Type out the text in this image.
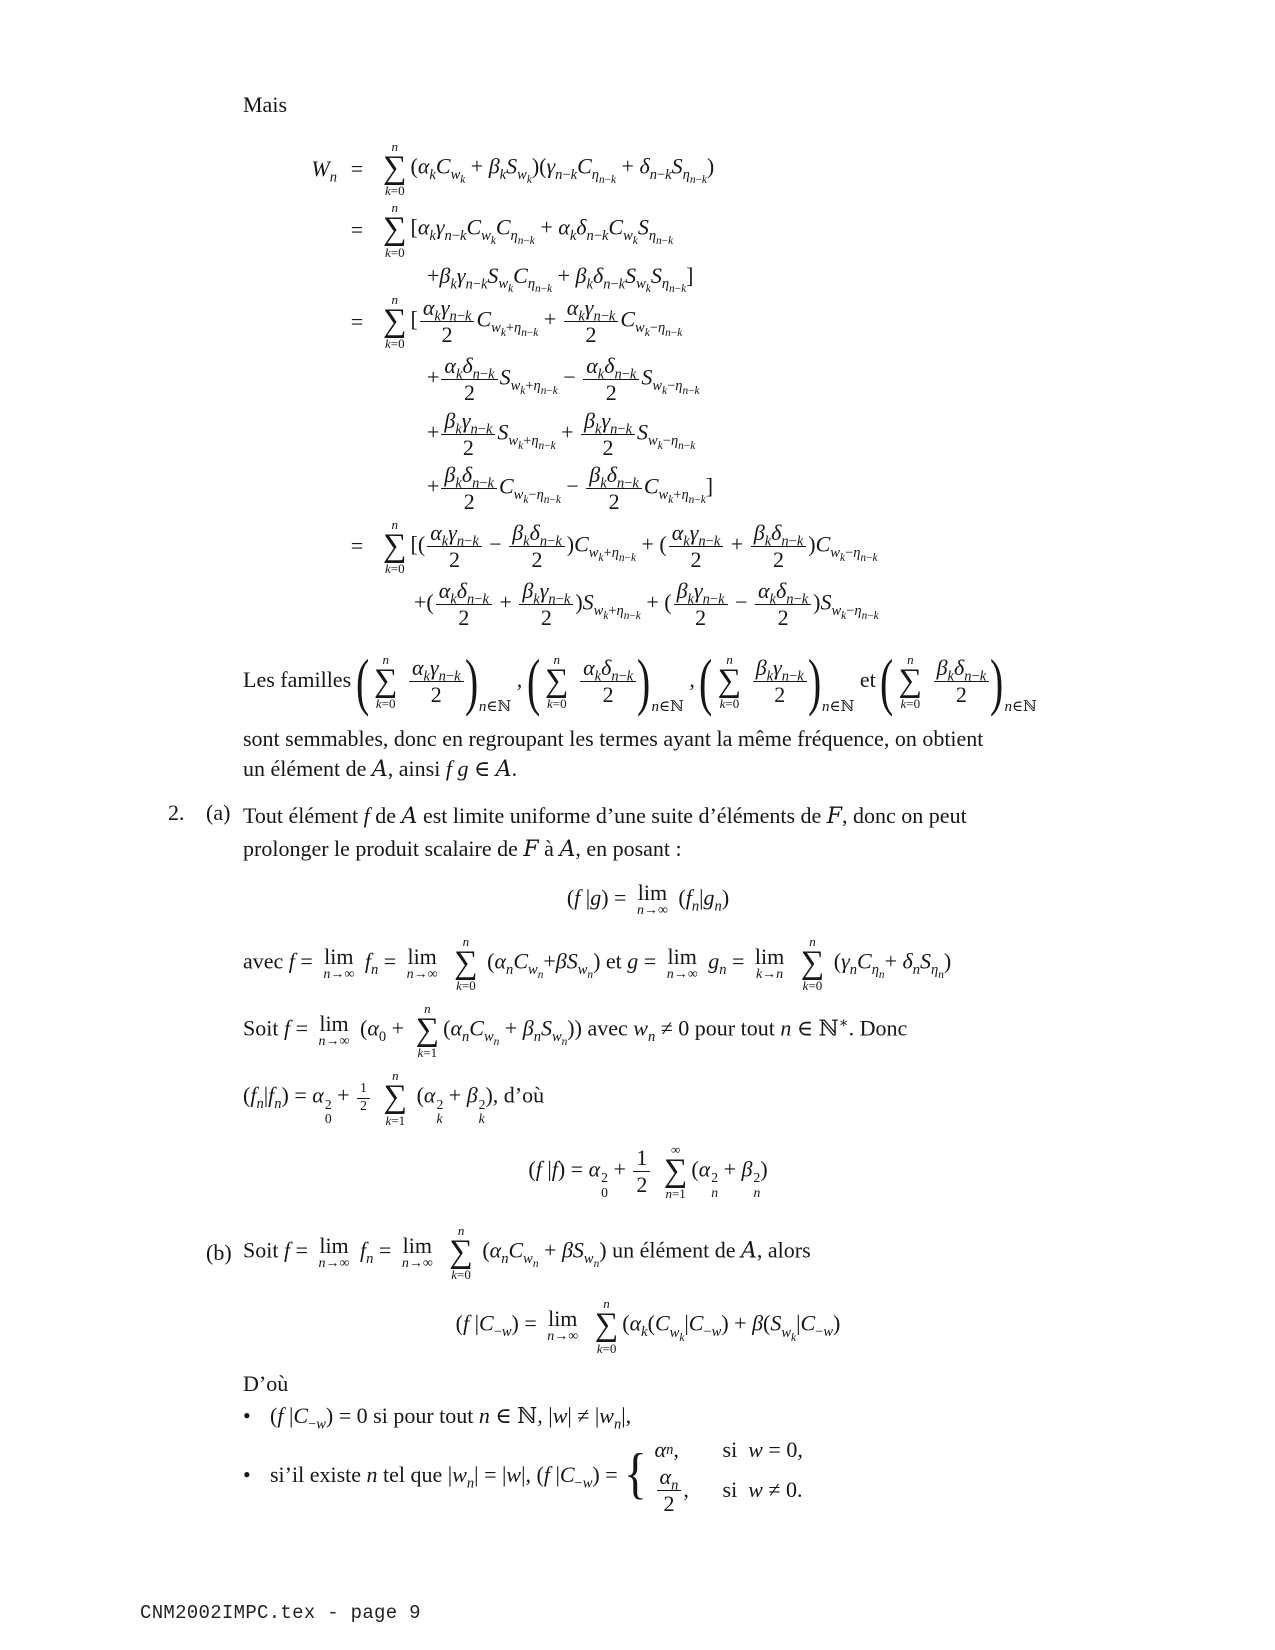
Mais
$W_n$ =
n
∑
k=0
$(\alpha_kC_{w_k} + \beta_kS_{w_k})(\gamma_{n-k}C_{\eta_{n-k}} + \delta_{n-k}S_{\eta_{n-k}})$
=
n
∑
k=0
[$\alpha_k\gamma_{n-k}C_{w_k}C_{\eta_{n-k}} + \alpha_k\delta_{n-k}C_{w_k}S_{\eta_{n-k}}$
$+\beta_k\gamma_{n-k}S_{w_k}C_{\eta_{n-k}} + \beta_k\delta_{n-k}S_{w_k}S_{\eta_{n-k}}$]
=
n
∑
k=0
[ $\alpha_k\gamma_{n-k}$
2
$C_{w_k+\eta_{n-k}} + \alpha_k\gamma_{n-k}$
2
$C_{w_k-\eta_{n-k}}$
+ $\alpha_k\delta_{n-k}$
2
$S_{w_k+\eta_{n-k}} - \alpha_k\delta_{n-k}$
2
$S_{w_k-\eta_{n-k}}$
+ $\beta_k\gamma_{n-k}$
2
$S_{w_k+\eta_{n-k}} + \beta_k\gamma_{n-k}$
2
$S_{w_k-\eta_{n-k}}$
+ $\beta_k\delta_{n-k}$
2
$C_{w_k-\eta_{n-k}} - \beta_k\delta_{n-k}$
2
$C_{w_k+\eta_{n-k}}$]
=
n
∑
k=0
[( $\alpha_k\gamma_{n-k}$
2
− $\beta_k\delta_{n-k}$
2
)$C_{w_k+\eta_{n-k}}$ + ( $\alpha_k\gamma_{n-k}$
2
+ $\beta_k\delta_{n-k}$
2
)$C_{w_k-\eta_{n-k}}$
+( $\alpha_k\delta_{n-k}$
2
+ $\beta_k\gamma_{n-k}$
2
)$S_{w_k+\eta_{n-k}}$ + ( $\beta_k\gamma_{n-k}$
2
− $\alpha_k\delta_{n-k}$
2
)$S_{w_k-\eta_{n-k}}$
Les familles ( n
∑
k=0

$\alpha_k\gamma_{n-k}$
2 )n∈ℕ , ( n
∑
k=0

$\alpha_k\delta_{n-k}$
2 )n∈ℕ , ( n
∑
k=0

$\beta_k\gamma_{n-k}$
2 )n∈ℕ et ( n
∑
k=0

$\beta_k\delta_{n-k}$
2 )n∈ℕ
sont semmables, donc en regroupant les termes ayant la même fréquence, on obtient
un élément de A, ainsi f g ∈ A.
2. (a) Tout élément f de A est limite uniforme d’une suite d’éléments de F, donc on peut prolonger le produit scalaire de F à A, en posant :
(f |g) = lim
n→∞
$(f_n|g_n)$
avec f = lim
n→∞
$f_n = \lim$
n→∞

n
∑
k=0
$(\alpha_nC_{w_n}+\beta S_{w_n})$ et g = lim
n→∞
$g_n = \lim$
k→n

n
∑
k=0
$(\gamma_nC_{\eta_n}+ \delta_nS_{\eta_n})$
Soit f = lim
n→∞
($\alpha_0$ +
n
∑
k=1
$(\alpha_nC_{w_n} + \beta_nS_{w_n})$) avec $w_n \ne 0$ pour tout n ∈ ℕ∗. Donc
$(f_n|f_n) = \alpha$ 2
0
+ $\frac{1}{2}$

n
∑
k=1
(α 2
k
+ β 2
k
), d’où
(f |f) = α 2
0
+ $\frac{1}{2}$
∞
∑
n=1
(α 2
n
+ β 2
n
)
(b) Soit f = lim
n→∞
$f_n = \lim$
n→∞

n
∑
k=0
$(\alpha_nC_{w_n} + \beta S_{w_n})$ un élément de A, alors
(f $|C_{-w}) = \lim$
n→∞

n
∑
k=0
($\alpha_k(C_{w_k}|C_{-w}) + \beta(S_{w_k}|C_{-w})$
D’où
• (f $|C_{-w}) = 0$ si pour tout n ∈ ℕ, $|w| \ne |w_n|$,
• si’il existe n tel que $|w_n| = |w|$, (f $|C_{-w}$) = { α n ,	si  w = 0,
$\alpha_n$
2
,	si  w ≠ 0.
CNM2002IMPC.tex - page 9
